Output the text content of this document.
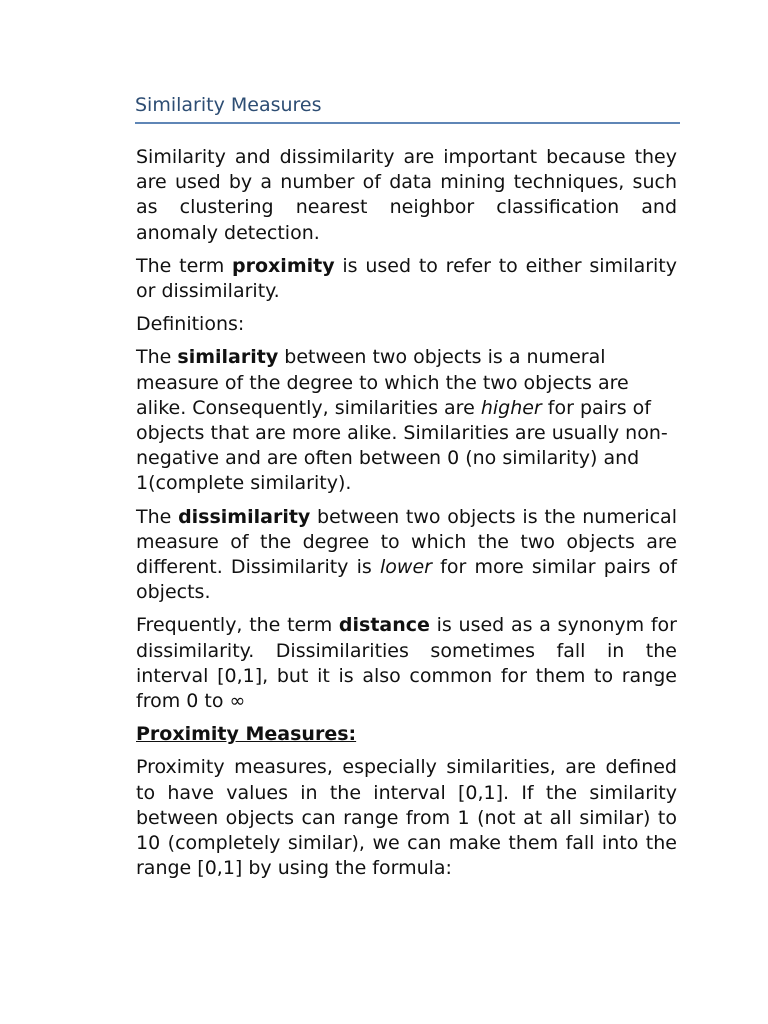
Similarity Measures

Similarity and dissimilarity are important because they are used by a number of data mining techniques, such as clustering nearest neighbor classification and anomaly detection.

The term proximity is used to refer to either similarity or dissimilarity.

Definitions:

The similarity between two objects is a numeral measure of the degree to which the two objects are alike. Consequently, similarities are higher for pairs of objects that are more alike. Similarities are usually non-negative and are often between 0 (no similarity) and 1(complete similarity).

The dissimilarity between two objects is the numerical measure of the degree to which the two objects are different. Dissimilarity is lower for more similar pairs of objects.

Frequently, the term distance is used as a synonym for dissimilarity. Dissimilarities sometimes fall in the interval [0,1], but it is also common for them to range from 0 to ∞

Proximity Measures:

Proximity measures, especially similarities, are defined to have values in the interval [0,1]. If the similarity between objects can range from 1 (not at all similar) to 10 (completely similar), we can make them fall into the range [0,1] by using the formula:
